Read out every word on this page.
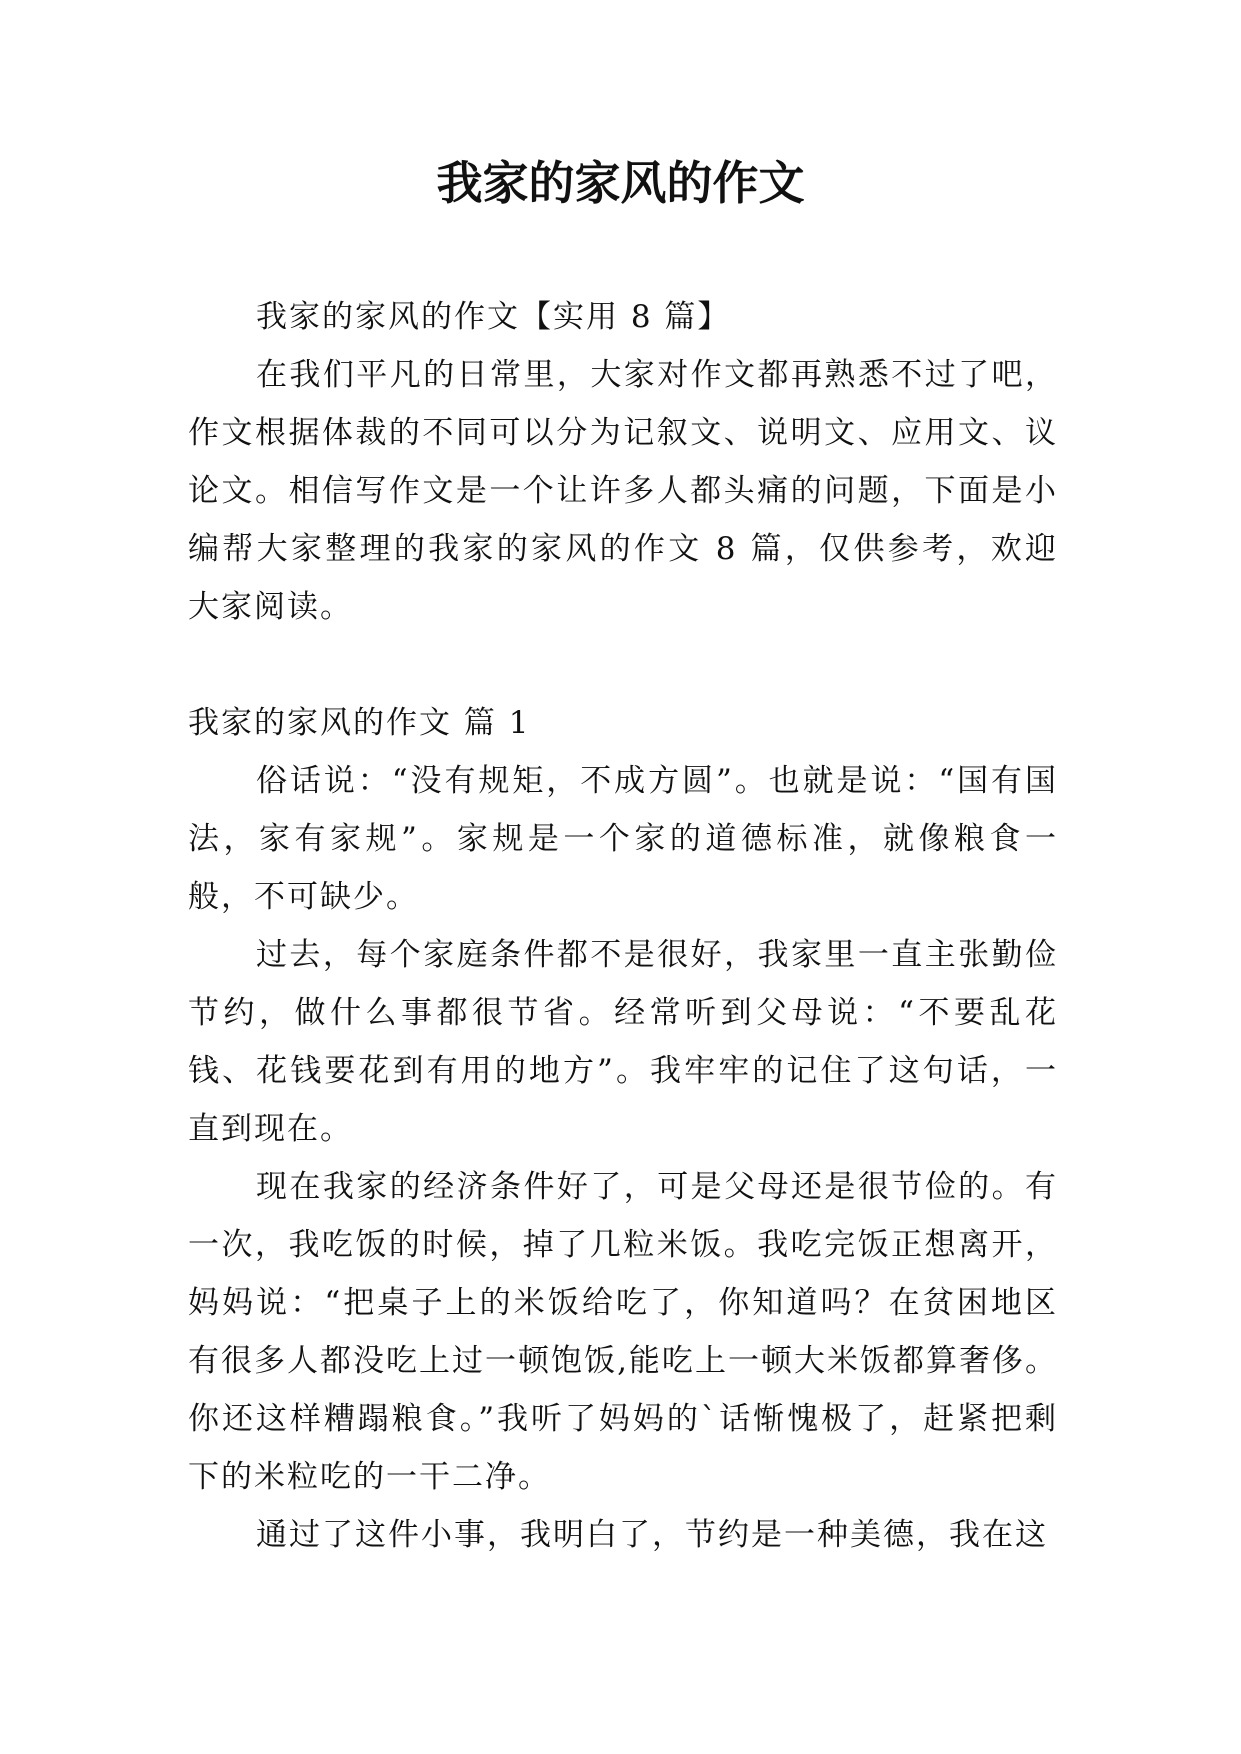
我家的家风的作文

我家的家风的作文【实用 8 篇】

在我们平凡的日常里，大家对作文都再熟悉不过了吧，作文根据体裁的不同可以分为记叙文、说明文、应用文、议论文。相信写作文是一个让许多人都头痛的问题，下面是小编帮大家整理的我家的家风的作文 8 篇，仅供参考，欢迎大家阅读。

我家的家风的作文 篇 1

俗话说：“没有规矩，不成方圆”。也就是说：“国有国法，家有家规”。家规是一个家的道德标准，就像粮食一般，不可缺少。

过去，每个家庭条件都不是很好，我家里一直主张勤俭节约，做什么事都很节省。经常听到父母说：“不要乱花钱、花钱要花到有用的地方”。我牢牢的记住了这句话，一直到现在。

现在我家的经济条件好了，可是父母还是很节俭的。有一次，我吃饭的时候，掉了几粒米饭。我吃完饭正想离开，妈妈说：“把桌子上的米饭给吃了，你知道吗？在贫困地区有很多人都没吃上过一顿饱饭,能吃上一顿大米饭都算奢侈。你还这样糟蹋粮食。”我听了妈妈的`话惭愧极了，赶紧把剩下的米粒吃的一干二净。

通过了这件小事，我明白了，节约是一种美德，我在这
